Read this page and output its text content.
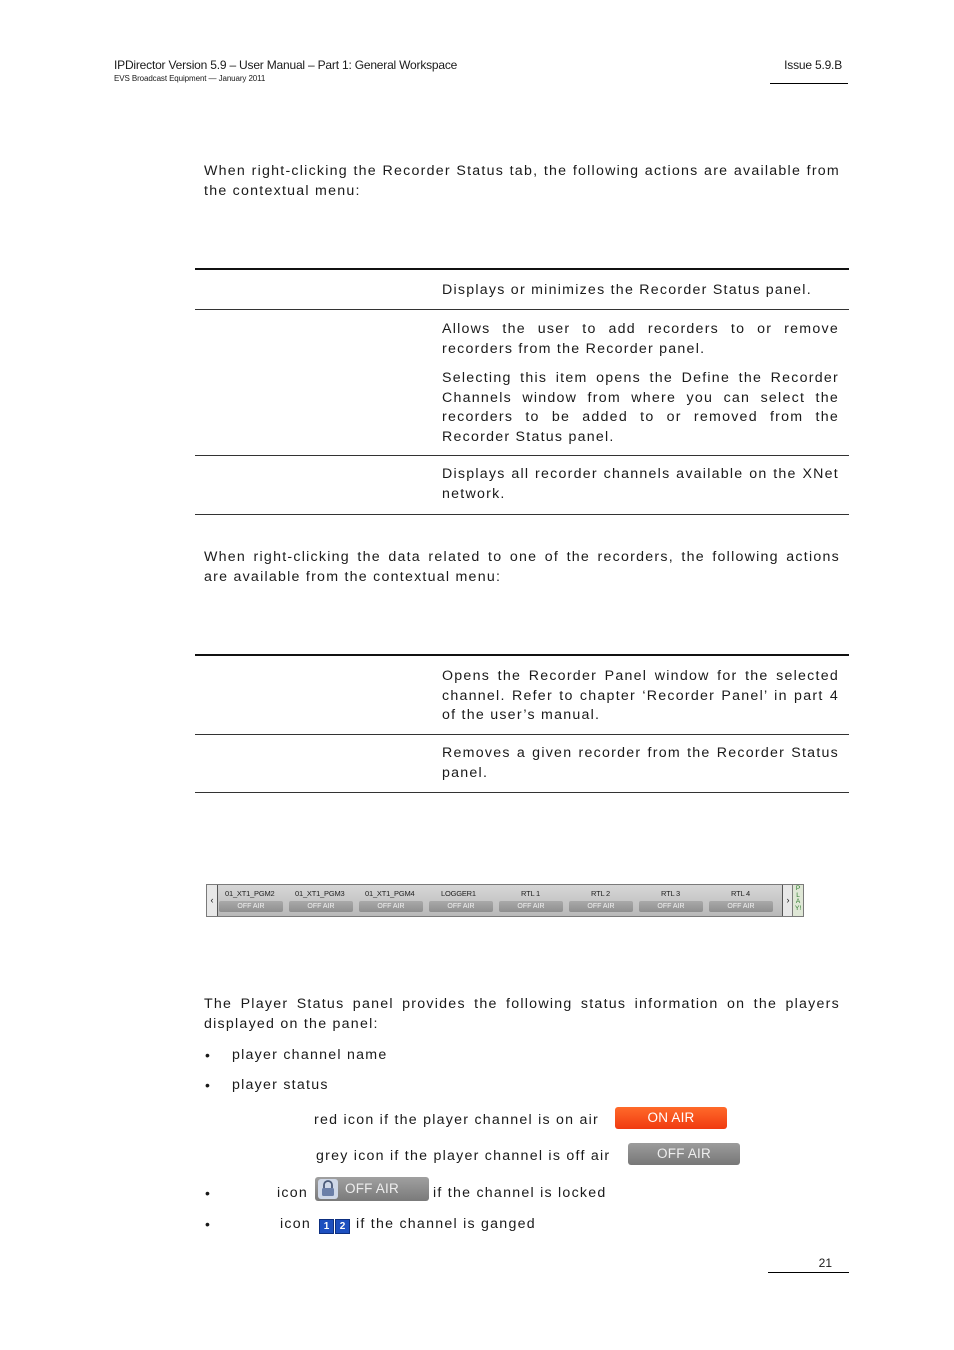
IPDirector Version 5.9 – User Manual – Part 1: General Workspace
EVS Broadcast Equipment — January 2011
Issue 5.9.B
When right-clicking the Recorder Status tab, the following actions are available from the contextual menu:

Displays or minimizes the Recorder Status panel.

Allows the user to add recorders to or remove recorders from the Recorder panel.

Selecting this item opens the Define the Recorder Channels window from where you can select the recorders to be added to or removed from the Recorder Status panel.

Displays all recorder channels available on the XNet network.

When right-clicking the data related to one of the recorders, the following actions are available from the contextual menu:

Opens the Recorder Panel window for the selected channel. Refer to chapter ‘Recorder Panel’ in part 4 of the user’s manual.

Removes a given recorder from the Recorder Status panel.

‹
01_XT1_PGM2
OFF AIR
01_XT1_PGM3
OFF AIR
01_XT1_PGM4
OFF AIR
LOGGER1
OFF AIR
RTL 1
OFF AIR
RTL 2
OFF AIR
RTL 3
OFF AIR
RTL 4
OFF AIR
›
PLAY!
The Player Status panel provides the following status information on the players displayed on the panel:
• player channel name
• player status
red icon if the player channel is on air	ON AIR
grey icon if the player channel is off air	OFF AIR
•	icon	OFF AIR	if the channel is locked
•	icon	1 2 if the channel is ganged
21
